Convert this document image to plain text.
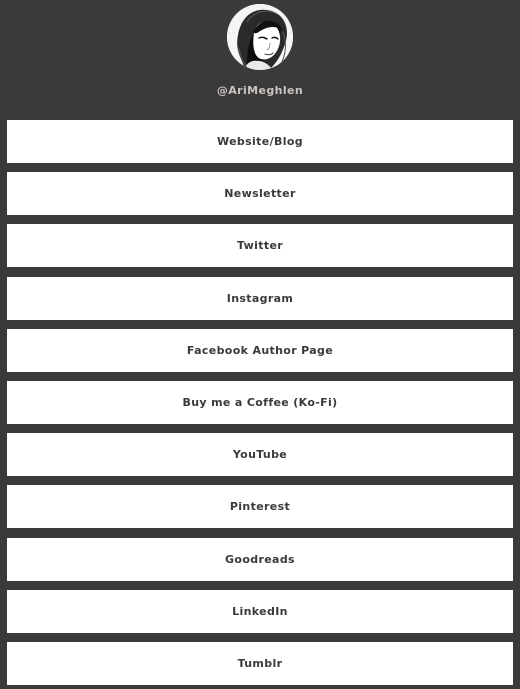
@AriMeghlen
Website/Blog
Newsletter
Twitter
Instagram
Facebook Author Page
Buy me a Coffee (Ko-Fi)
YouTube
Pinterest
Goodreads
LinkedIn
Tumblr
